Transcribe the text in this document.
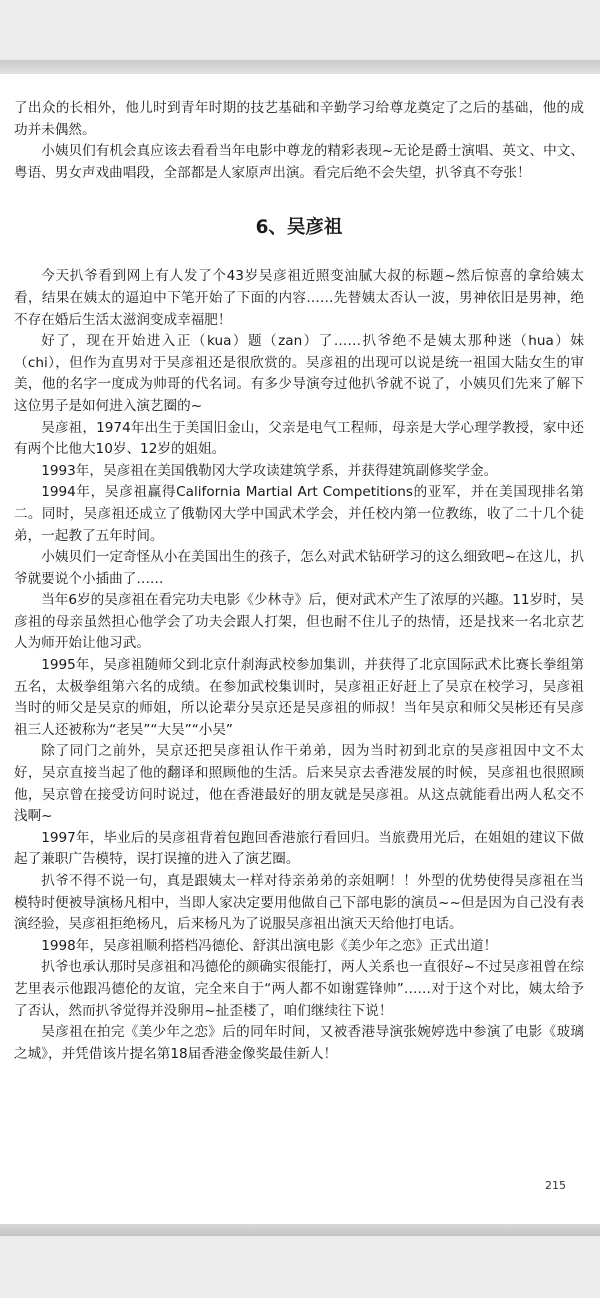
了出众的长相外，他儿时到青年时期的技艺基础和辛勤学习给尊龙奠定了之后的基础，他的成功并未偶然。

小姨贝们有机会真应该去看看当年电影中尊龙的精彩表现~无论是爵士演唱、英文、中文、粤语、男女声戏曲唱段，全部都是人家原声出演。看完后绝不会失望，扒爷真不夸张！

6、吴彦祖

今天扒爷看到网上有人发了个43岁吴彦祖近照变油腻大叔的标题~然后惊喜的拿给姨太看，结果在姨太的逼迫中下笔开始了下面的内容……先替姨太否认一波，男神依旧是男神，绝不存在婚后生活太滋润变成幸福肥！

好了，现在开始进入正（kua）题（zan）了……扒爷绝不是姨太那种迷（hua）妹（chi），但作为直男对于吴彦祖还是很欣赏的。吴彦祖的出现可以说是统一祖国大陆女生的审美，他的名字一度成为帅哥的代名词。有多少导演夸过他扒爷就不说了，小姨贝们先来了解下这位男子是如何进入演艺圈的~

吴彦祖，1974年出生于美国旧金山，父亲是电气工程师，母亲是大学心理学教授，家中还有两个比他大10岁、12岁的姐姐。

1993年，吴彦祖在美国俄勒冈大学攻读建筑学系，并获得建筑副修奖学金。

1994年，吴彦祖赢得California Martial Art Competitions的亚军，并在美国现排名第二。同时，吴彦祖还成立了俄勒冈大学中国武术学会，并任校内第一位教练，收了二十几个徒弟，一起教了五年时间。

小姨贝们一定奇怪从小在美国出生的孩子，怎么对武术钻研学习的这么细致吧~在这儿，扒爷就要说个小插曲了……

当年6岁的吴彦祖在看完功夫电影《少林寺》后，便对武术产生了浓厚的兴趣。11岁时，吴彦祖的母亲虽然担心他学会了功夫会跟人打架，但也耐不住儿子的热情，还是找来一名北京艺人为师开始让他习武。

1995年，吴彦祖随师父到北京什刹海武校参加集训，并获得了北京国际武术比赛长拳组第五名，太极拳组第六名的成绩。在参加武校集训时，吴彦祖正好赶上了吴京在校学习，吴彦祖当时的师父是吴京的师姐，所以论辈分吴京还是吴彦祖的师叔！当年吴京和师父吴彬还有吴彦祖三人还被称为“老吴”“大吴”“小吴”

除了同门之前外，吴京还把吴彦祖认作干弟弟，因为当时初到北京的吴彦祖因中文不太好，吴京直接当起了他的翻译和照顾他的生活。后来吴京去香港发展的时候，吴彦祖也很照顾他，吴京曾在接受访问时说过，他在香港最好的朋友就是吴彦祖。从这点就能看出两人私交不浅啊~

1997年，毕业后的吴彦祖背着包跑回香港旅行看回归。当旅费用光后，在姐姐的建议下做起了兼职广告模特，误打误撞的进入了演艺圈。

扒爷不得不说一句，真是跟姨太一样对待亲弟弟的亲姐啊！！外型的优势使得吴彦祖在当模特时便被导演杨凡相中，当即人家决定要用他做自己下部电影的演员~~但是因为自己没有表演经验，吴彦祖拒绝杨凡，后来杨凡为了说服吴彦祖出演天天给他打电话。

1998年，吴彦祖顺利搭档冯德伦、舒淇出演电影《美少年之恋》正式出道！

扒爷也承认那时吴彦祖和冯德伦的颜确实很能打，两人关系也一直很好~不过吴彦祖曾在综艺里表示他跟冯德伦的友谊，完全来自于“两人都不如谢霆锋帅”……对于这个对比，姨太给予了否认，然而扒爷觉得并没卵用~扯歪楼了，咱们继续往下说！

吴彦祖在拍完《美少年之恋》后的同年时间，又被香港导演张婉婷选中参演了电影《玻璃之城》，并凭借该片提名第18届香港金像奖最佳新人！

215
